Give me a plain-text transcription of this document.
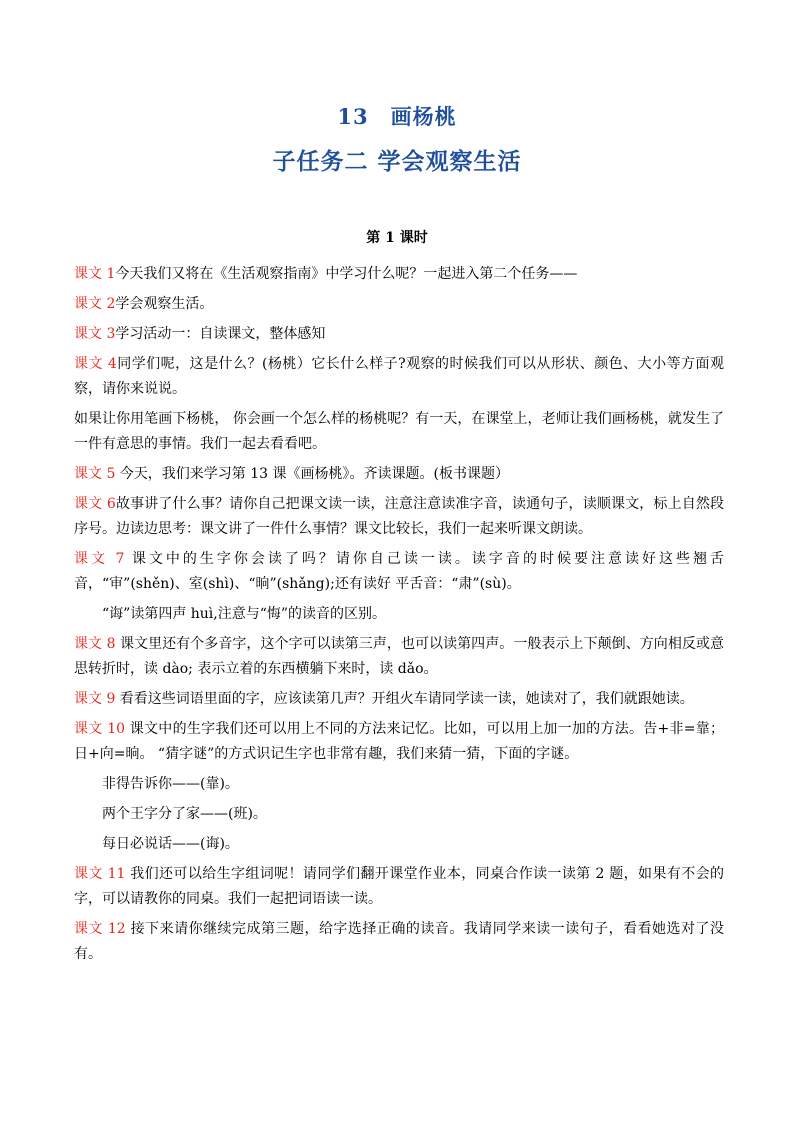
13　画杨桃
子任务二 学会观察生活
第 1 课时

课文 1今天我们又将在《生活观察指南》中学习什么呢？一起进入第二个任务——

课文 2学会观察生活。

课文 3学习活动一：自读课文，整体感知

课文 4同学们呢，这是什么？(杨桃）它长什么样子?观察的时候我们可以从形状、颜色、大小等方面观察，请你来说说。

如果让你用笔画下杨桃， 你会画一个怎么样的杨桃呢？有一天，在课堂上，老师让我们画杨桃，就发生了一件有意思的事情。我们一起去看看吧。

课文 5 今天，我们来学习第 13 课《画杨桃》。齐读课题。(板书课题）

课文 6故事讲了什么事？请你自己把课文读一读，注意注意读准字音，读通句子，读顺课文，标上自然段序号。边读边思考：课文讲了一件什么事情？课文比较长，我们一起来听课文朗读。

课文 7 课文中的生字你会读了吗？请你自己读一读。读字音的时候要注意读好这些翘舌音，“审”(shěn)、室(shì)、“晌”(shǎng);还有读好 平舌音：“肃”(sù)。

“诲”读第四声 huì,注意与“悔”的读音的区别。

课文 8 课文里还有个多音字，这个字可以读第三声，也可以读第四声。一般表示上下颠倒、方向相反或意思转折时，读 dào; 表示立着的东西横躺下来时，读 dǎo。

课文 9 看看这些词语里面的字，应该读第几声？开组火车请同学读一读，她读对了，我们就跟她读。

课文 10 课文中的生字我们还可以用上不同的方法来记忆。比如，可以用上加一加的方法。告+非=靠；日+向=晌。 “猜字谜”的方式识记生字也非常有趣，我们来猜一猜，下面的字谜。

非得告诉你——(靠)。

两个王字分了家——(班)。

每日必说话——(诲)。

课文 11 我们还可以给生字组词呢！请同学们翻开课堂作业本，同桌合作读一读第 2 题，如果有不会的字，可以请教你的同桌。我们一起把词语读一读。

课文 12 接下来请你继续完成第三题，给字选择正确的读音。我请同学来读一读句子，看看她选对了没有。
